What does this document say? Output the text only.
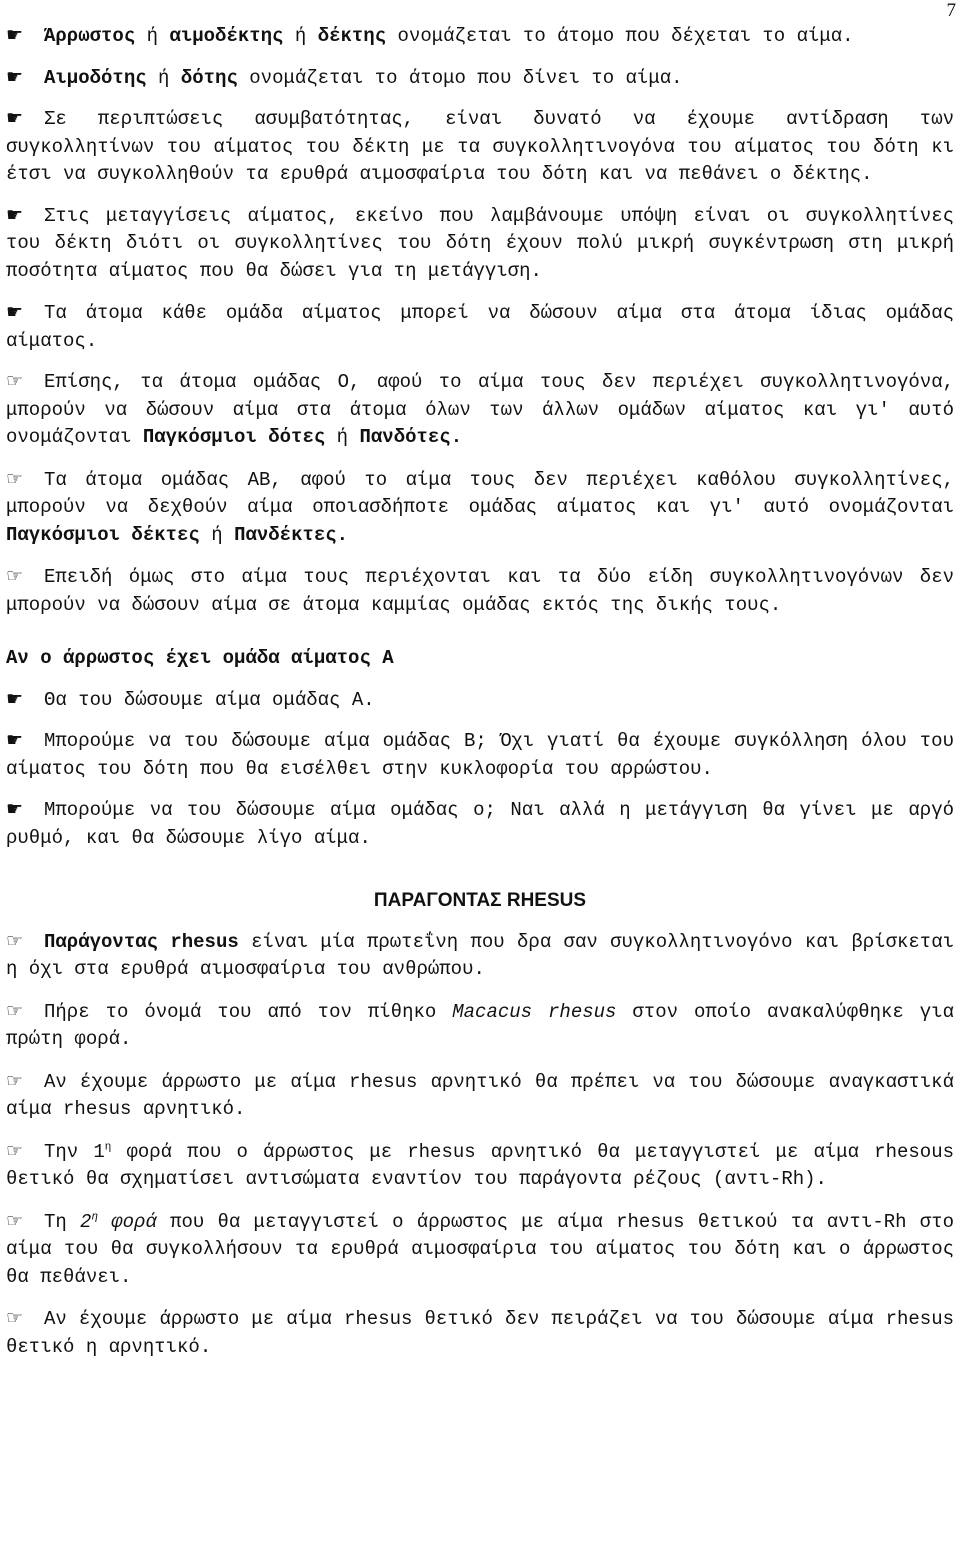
7

☛ Άρρωστος ή αιμοδέκτης ή δέκτης ονομάζεται το άτομο που δέχεται το αίμα.

☛ Αιμοδότης ή δότης ονομάζεται το άτομο που δίνει το αίμα.

☛ Σε περιπτώσεις ασυμβατότητας, είναι δυνατό να έχουμε αντίδραση των συγκολλητίνων του αίματος του δέκτη με τα συγκολλητινογόνα του αίματος του δότη κι έτσι να συγκολληθούν τα ερυθρά αιμοσφαίρια του δότη και να πεθάνει ο δέκτης.

☛ Στις μεταγγίσεις αίματος, εκείνο που λαμβάνουμε υπόψη είναι οι συγκολλητίνες του δέκτη διότι οι συγκολλητίνες του δότη έχουν πολύ μικρή συγκέντρωση στη μικρή ποσότητα αίματος που θα δώσει για τη μετάγγιση.

☛ Τα άτομα κάθε ομάδα αίματος μπορεί να δώσουν αίμα στα άτομα ίδιας ομάδας αίματος.

☞ Επίσης, τα άτομα ομάδας Ο, αφού το αίμα τους δεν περιέχει συγκολλητινογόνα, μπορούν να δώσουν αίμα στα άτομα όλων των άλλων ομάδων αίματος και γι' αυτό ονομάζονται Παγκόσμιοι δότες ή Πανδότες.

☞ Τα άτομα ομάδας ΑΒ, αφού το αίμα τους δεν περιέχει καθόλου συγκολλητίνες, μπορούν να δεχθούν αίμα οποιασδήποτε ομάδας αίματος και γι' αυτό ονομάζονται Παγκόσμιοι δέκτες ή Πανδέκτες.

☞ Επειδή όμως στο αίμα τους περιέχονται και τα δύο είδη συγκολλητινογόνων δεν μπορούν να δώσουν αίμα σε άτομα καμμίας ομάδας εκτός της δικής τους.

Αν ο άρρωστος έχει ομάδα αίματος Α

☛ Θα του δώσουμε αίμα ομάδας Α.

☛ Μπορούμε να του δώσουμε αίμα ομάδας Β; Όχι γιατί θα έχουμε συγκόλληση όλου του αίματος του δότη που θα εισέλθει στην κυκλοφορία του αρρώστου.

☛ Μπορούμε να του δώσουμε αίμα ομάδας ο; Ναι αλλά η μετάγγιση θα γίνει με αργό ρυθμό, και θα δώσουμε λίγο αίμα.

ΠΑΡΑΓΟΝΤΑΣ RHESUS

☞ Παράγοντας rhesus είναι μία πρωτεΐνη που δρα σαν συγκολλητινογόνο και βρίσκεται η όχι στα ερυθρά αιμοσφαίρια του ανθρώπου.

☞ Πήρε το όνομά του από τον πίθηκο Macacus rhesus στον οποίο ανακαλύφθηκε για πρώτη φορά.

☞ Αν έχουμε άρρωστο με αίμα rhesus αρνητικό θα πρέπει να του δώσουμε αναγκαστικά αίμα rhesus αρνητικό.

☞ Την $1^\eta$ φορά που ο άρρωστος με rhesus αρνητικό θα μεταγγιστεί με αίμα rhesous θετικό θα σχηματίσει αντισώματα εναντίον του παράγοντα ρέζους (αντι-Rh).

☞ Τη $2^\eta$ φορά που θα μεταγγιστεί ο άρρωστος με αίμα rhesus θετικού τα αντι-Rh στο αίμα του θα συγκολλήσουν τα ερυθρά αιμοσφαίρια του αίματος του δότη και ο άρρωστος θα πεθάνει.

☞ Αν έχουμε άρρωστο με αίμα rhesus θετικό δεν πειράζει να του δώσουμε αίμα rhesus θετικό η αρνητικό.
